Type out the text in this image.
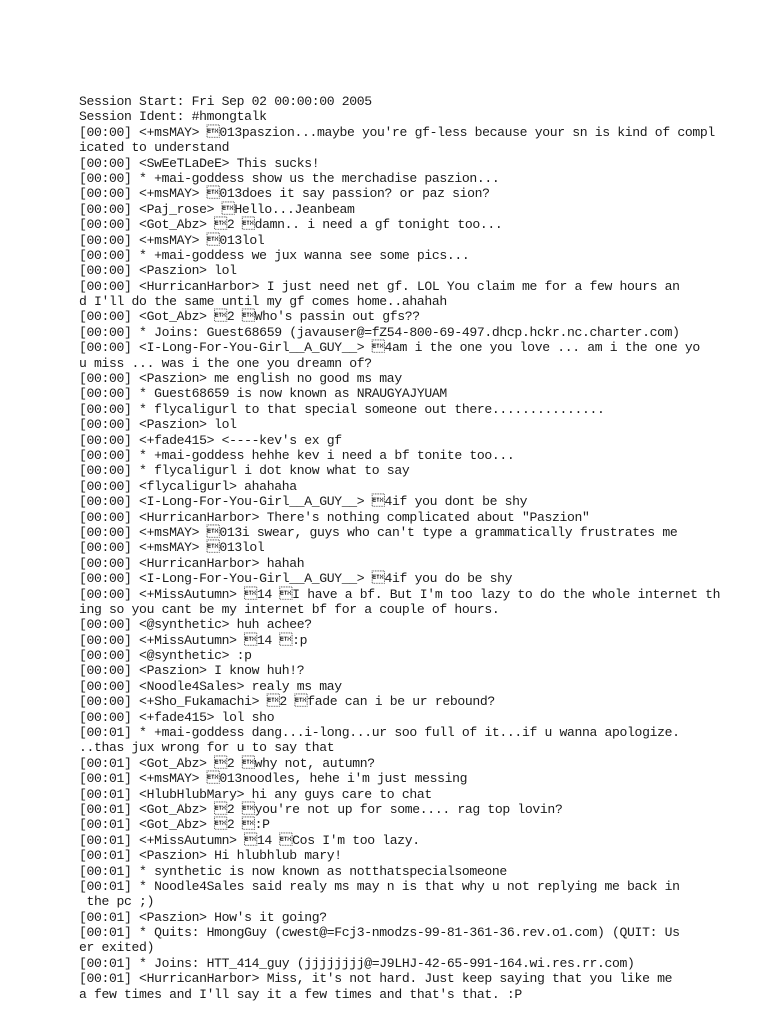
Session Start: Fri Sep 02 00:00:00 2005
Session Ident: #hmongtalk
[00:00] <+msMAY> 013paszion...maybe you're gf-less because your sn is kind of compl
icated to understand
[00:00] <SwEeTLaDeE> This sucks!
[00:00] * +mai-goddess show us the merchadise paszion...
[00:00] <+msMAY> 013does it say passion? or paz sion?
[00:00] <Paj_rose> Hello...Jeanbeam
[00:00] <Got_Abz> 2 damn.. i need a gf tonight too...
[00:00] <+msMAY> 013lol
[00:00] * +mai-goddess we jux wanna see some pics...
[00:00] <Paszion> lol
[00:00] <HurricanHarbor> I just need net gf. LOL You claim me for a few hours an
d I'll do the same until my gf comes home..ahahah
[00:00] <Got_Abz> 2 Who's passin out gfs??
[00:00] * Joins: Guest68659 (javauser@=fZ54-800-69-497.dhcp.hckr.nc.charter.com)
[00:00] <I-Long-For-You-Girl__A_GUY__> 4am i the one you love ... am i the one yo
u miss ... was i the one you dreamn of?
[00:00] <Paszion> me english no good ms may
[00:00] * Guest68659 is now known as NRAUGYAJYUAM
[00:00] * flycaligurl to that special someone out there...............
[00:00] <Paszion> lol
[00:00] <+fade415> <----kev's ex gf
[00:00] * +mai-goddess hehhe kev i need a bf tonite too...
[00:00] * flycaligurl i dot know what to say
[00:00] <flycaligurl> ahahaha
[00:00] <I-Long-For-You-Girl__A_GUY__> 4if you dont be shy
[00:00] <HurricanHarbor> There's nothing complicated about "Paszion"
[00:00] <+msMAY> 013i swear, guys who can't type a grammatically frustrates me
[00:00] <+msMAY> 013lol
[00:00] <HurricanHarbor> hahah
[00:00] <I-Long-For-You-Girl__A_GUY__> 4if you do be shy
[00:00] <+MissAutumn> 14 I have a bf. But I'm too lazy to do the whole internet th
ing so you cant be my internet bf for a couple of hours.
[00:00] <@synthetic> huh achee?
[00:00] <+MissAutumn> 14 :p
[00:00] <@synthetic> :p
[00:00] <Paszion> I know huh!?
[00:00] <Noodle4Sales> realy ms may
[00:00] <+Sho_Fukamachi> 2 fade can i be ur rebound?
[00:00] <+fade415> lol sho
[00:01] * +mai-goddess dang...i-long...ur soo full of it...if u wanna apologize.
..thas jux wrong for u to say that
[00:01] <Got_Abz> 2 why not, autumn?
[00:01] <+msMAY> 013noodles, hehe i'm just messing
[00:01] <HlubHlubMary> hi any guys care to chat
[00:01] <Got_Abz> 2 you're not up for some.... rag top lovin?
[00:01] <Got_Abz> 2 :P
[00:01] <+MissAutumn> 14 Cos I'm too lazy.
[00:01] <Paszion> Hi hlubhlub mary!
[00:01] * synthetic is now known as notthatspecialsomeone
[00:01] * Noodle4Sales said realy ms may n is that why u not replying me back in
the pc ;)
[00:01] <Paszion> How's it going?
[00:01] * Quits: HmongGuy (cwest@=Fcj3-nmodzs-99-81-361-36.rev.o1.com) (QUIT: Us
er exited)
[00:01] * Joins: HTT_414_guy (jjjjjjjj@=J9LHJ-42-65-991-164.wi.res.rr.com)
[00:01] <HurricanHarbor> Miss, it's not hard. Just keep saying that you like me
a few times and I'll say it a few times and that's that. :P
